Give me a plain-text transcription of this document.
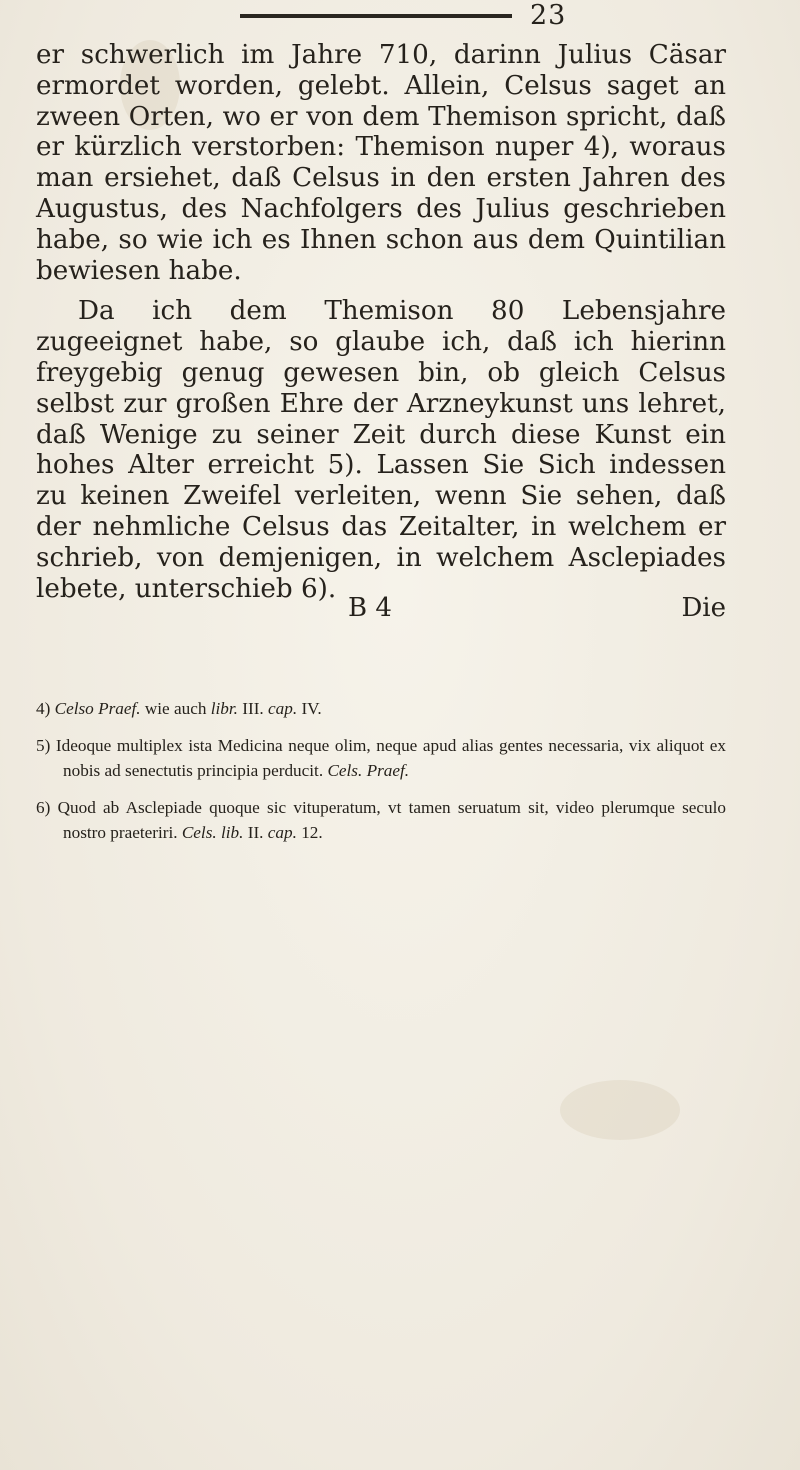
23

er schwerlich im Jahre 710, darinn Julius Cäsar ermordet worden, gelebt. Allein, Celsus saget an zween Orten, wo er von dem Themison spricht, daß er kürzlich verstorben: Themison nuper 4), woraus man ersiehet, daß Celsus in den ersten Jahren des Augustus, des Nachfolgers des Julius geschrieben habe, so wie ich es Ihnen schon aus dem Quintilian bewiesen habe.

Da ich dem Themison 80 Lebensjahre zugeeignet habe, so glaube ich, daß ich hierinn freygebig genug gewesen bin, ob gleich Celsus selbst zur großen Ehre der Arzneykunst uns lehret, daß Wenige zu seiner Zeit durch diese Kunst ein hohes Alter erreicht 5). Lassen Sie Sich indessen zu keinen Zweifel verleiten, wenn Sie sehen, daß der nehmliche Celsus das Zeitalter, in welchem er schrieb, von demjenigen, in welchem Asclepiades lebete, unterschieb 6).

B 4	Die

4) Celso Praef. wie auch libr. III. cap. IV.

5) Ideoque multiplex ista Medicina neque olim, neque apud alias gentes necessaria, vix aliquot ex nobis ad senectutis principia perducit. Cels. Praef.

6) Quod ab Asclepiade quoque sic vituperatum, vt tamen seruatum sit, video plerumque seculo nostro praeteriri. Cels. lib. II. cap. 12.
